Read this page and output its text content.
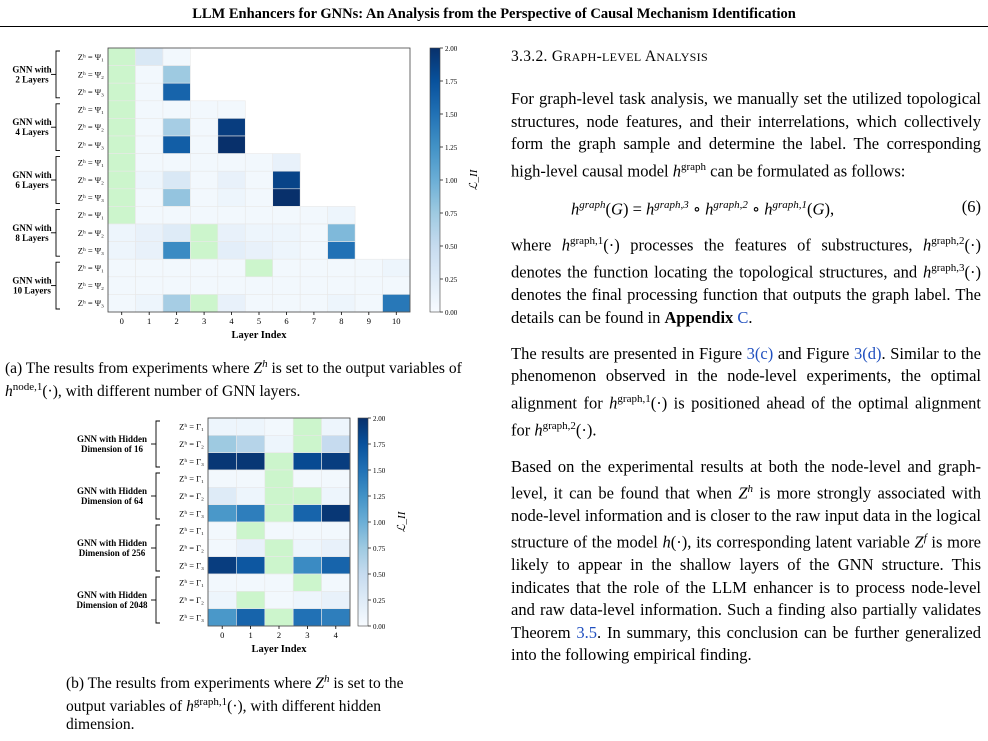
LLM Enhancers for GNNs: An Analysis from the Perspective of Causal Mechanism Identification
GNN with 2 Layers
Zʰ = Ψ₁
Zʰ = Ψ₂
Zʰ = Ψ₃
GNN with 4 Layers
Zʰ = Ψ₁
Zʰ = Ψ₂
Zʰ = Ψ₃
GNN with 6 Layers
Zʰ = Ψ₁
Zʰ = Ψ₂
Zʰ = Ψ₃
GNN with 8 Layers
Zʰ = Ψ₁
Zʰ = Ψ₂
Zʰ = Ψ₃
GNN with 10 Layers
Zʰ = Ψ₁
Zʰ = Ψ₂
Zʰ = Ψ₃
0	1	2	3	4	5	6	7	8	9 10
Layer Index
0.00
0.25
0.50
0.75
1.00
1.25
1.50
1.75
2.00
ℒ_II
(a) The results from experiments where $Z^h$ is set to the output variables of $h^{node,1}(\cdot)$, with different number of GNN layers.
GNN with Hidden Dimension of 16
Zʰ = Γ₁
Zʰ = Γ₂
Zʰ = Γ₃
GNN with Hidden Dimension of 64
Zʰ = Γ₁
Zʰ = Γ₂
Zʰ = Γ₃
GNN with Hidden Dimension of 256
Zʰ = Γ₁
Zʰ = Γ₂
Zʰ = Γ₃
GNN with Hidden Dimension of 2048
Zʰ = Γ₁
Zʰ = Γ₂
Zʰ = Γ₃
0	1	2	3	4
Layer Index
0.00
0.25
0.50
0.75
1.00
1.25
1.50
1.75
2.00
ℒ_II
(b) The results from experiments where $Z^h$ is set to the output variables of $h^{graph,1}(\cdot)$, with different hidden dimension.
3.3.2. GRAPH-LEVEL ANALYSIS

For graph-level task analysis, we manually set the utilized topological structures, node features, and their interrelations, which collectively form the graph sample and determine the label. The corresponding high-level causal model $h^{graph}$ can be formulated as follows:

$h^{graph}(G) = h^{graph,3}$ ∘ $h^{graph,2}$ ∘ $h^{graph,1}(G)$,	(6)

where $h^{graph,1}(\cdot)$ processes the features of substructures, $h^{graph,2}(\cdot)$ denotes the function locating the topological structures, and $h^{graph,3}(\cdot)$ denotes the final processing function that outputs the graph label. The details can be found in Appendix C.

The results are presented in Figure 3(c) and Figure 3(d). Similar to the phenomenon observed in the node-level experiments, the optimal alignment for $h^{graph,1}(\cdot)$ is positioned ahead of the optimal alignment for $h^{graph,2}(\cdot)$.

Based on the experimental results at both the node-level and graph-level, it can be found that when $Z^h$ is more strongly associated with node-level information and is closer to the raw input data in the logical structure of the model h(·), its corresponding latent variable $Z^f$ is more likely to appear in the shallow layers of the GNN structure. This indicates that the role of the LLM enhancer is to process node-level and raw data-level information. Such a finding also partially validates Theorem 3.5. In summary, this conclusion can be further generalized into the following empirical finding.
